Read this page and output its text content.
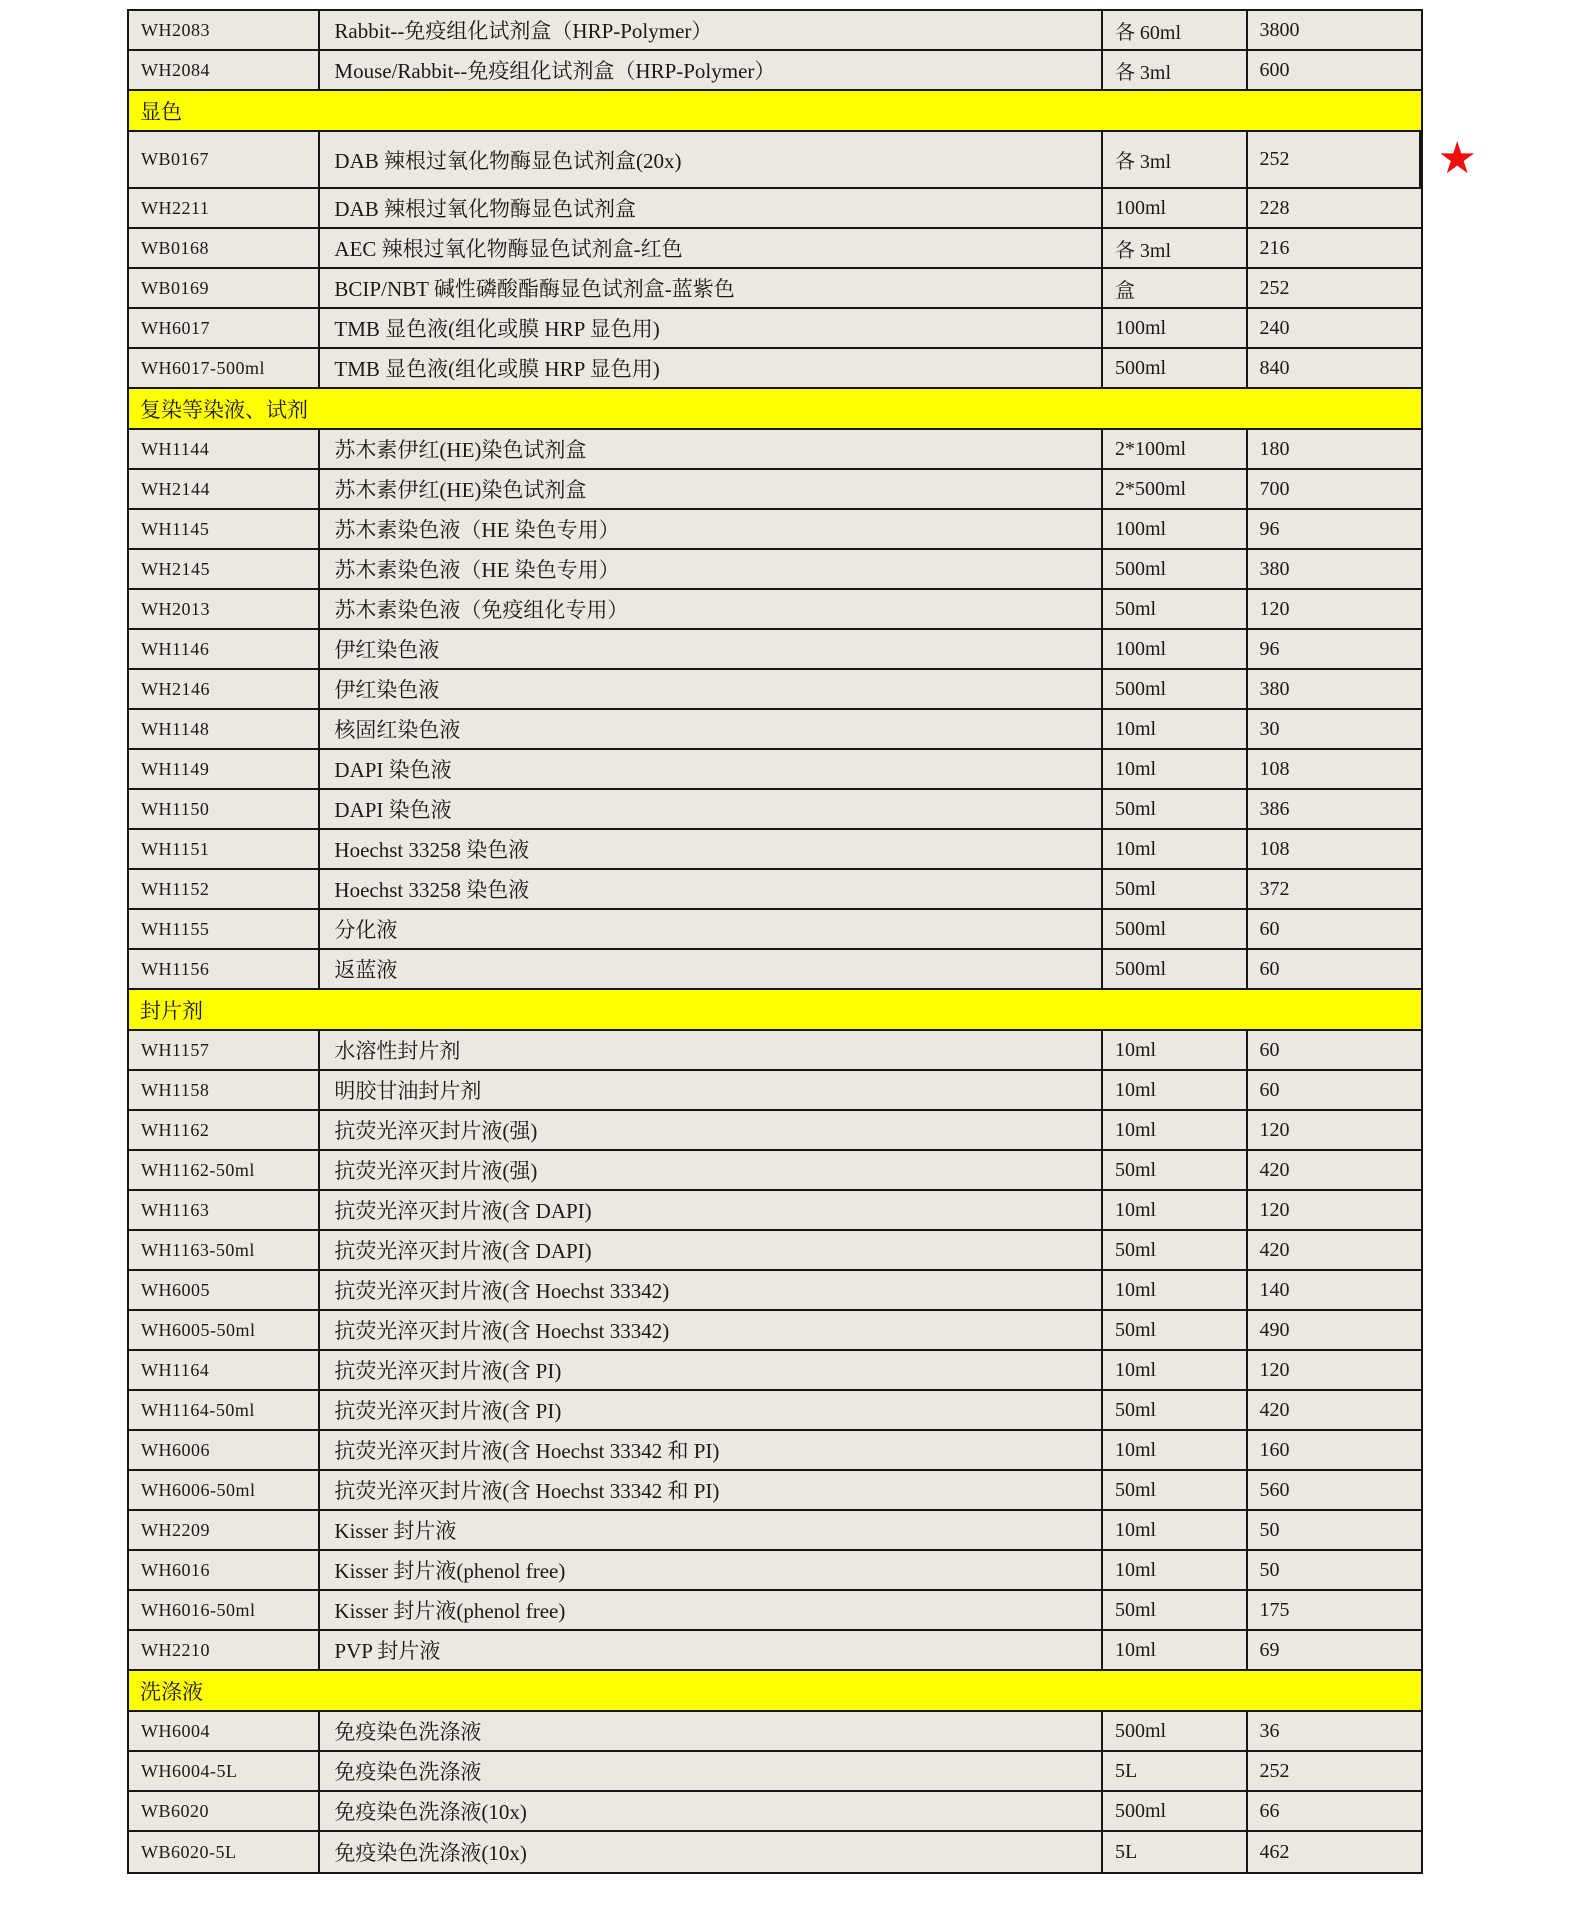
WH2083	Rabbit--免疫组化试剂盒（HRP-Polymer）	各 60ml	3800
WH2084	Mouse/Rabbit--免疫组化试剂盒（HRP-Polymer）	各 3ml	600
显色
WB0167	DAB 辣根过氧化物酶显色试剂盒(20x)	各 3ml	252	★
WH2211	DAB 辣根过氧化物酶显色试剂盒	100ml	228
WB0168	AEC 辣根过氧化物酶显色试剂盒-红色	各 3ml	216
WB0169	BCIP/NBT 碱性磷酸酯酶显色试剂盒-蓝紫色	盒	252
WH6017	TMB 显色液(组化或膜 HRP 显色用)	100ml	240
WH6017-500ml	TMB 显色液(组化或膜 HRP 显色用)	500ml	840
复染等染液、试剂
WH1144	苏木素伊红(HE)染色试剂盒	2*100ml	180
WH2144	苏木素伊红(HE)染色试剂盒	2*500ml	700
WH1145	苏木素染色液（HE 染色专用）	100ml	96
WH2145	苏木素染色液（HE 染色专用）	500ml	380
WH2013	苏木素染色液（免疫组化专用）	50ml	120
WH1146	伊红染色液	100ml	96
WH2146	伊红染色液	500ml	380
WH1148	核固红染色液	10ml	30
WH1149	DAPI 染色液	10ml	108
WH1150	DAPI 染色液	50ml	386
WH1151	Hoechst 33258 染色液	10ml	108
WH1152	Hoechst 33258 染色液	50ml	372
WH1155	分化液	500ml	60
WH1156	返蓝液	500ml	60
封片剂
WH1157	水溶性封片剂	10ml	60
WH1158	明胶甘油封片剂	10ml	60
WH1162	抗荧光淬灭封片液(强)	10ml	120
WH1162-50ml	抗荧光淬灭封片液(强)	50ml	420
WH1163	抗荧光淬灭封片液(含 DAPI)	10ml	120
WH1163-50ml	抗荧光淬灭封片液(含 DAPI)	50ml	420
WH6005	抗荧光淬灭封片液(含 Hoechst 33342)	10ml	140
WH6005-50ml	抗荧光淬灭封片液(含 Hoechst 33342)	50ml	490
WH1164	抗荧光淬灭封片液(含 PI)	10ml	120
WH1164-50ml	抗荧光淬灭封片液(含 PI)	50ml	420
WH6006	抗荧光淬灭封片液(含 Hoechst 33342 和 PI)	10ml	160
WH6006-50ml	抗荧光淬灭封片液(含 Hoechst 33342 和 PI)	50ml	560
WH2209	Kisser 封片液	10ml	50
WH6016	Kisser 封片液(phenol free)	10ml	50
WH6016-50ml	Kisser 封片液(phenol free)	50ml	175
WH2210	PVP 封片液	10ml	69
洗涤液
WH6004	免疫染色洗涤液	500ml	36
WH6004-5L	免疫染色洗涤液	5L	252
WB6020	免疫染色洗涤液(10x)	500ml	66
WB6020-5L	免疫染色洗涤液(10x)	5L	462
